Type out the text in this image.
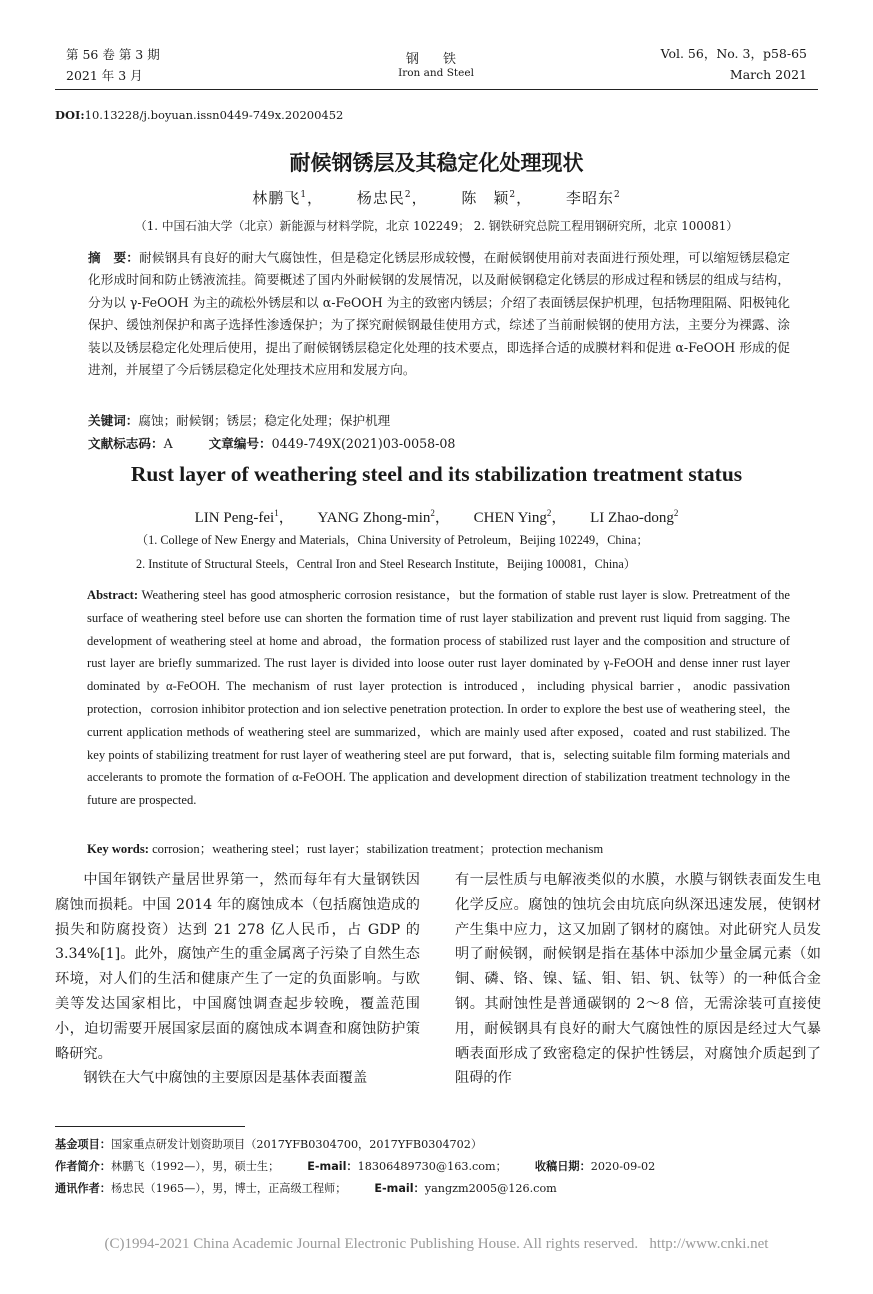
第 56 卷 第 3 期
2021 年 3 月
钢 铁
Iron and Steel
Vol. 56，No. 3，p58-65
March 2021
DOI:10.13228/j.boyuan.issn0449-749x.20200452
耐候钢锈层及其稳定化处理现状
林鹏飞$^1$， 杨忠民$^2$， 陈　颖$^2$， 李昭东$^2$
（1. 中国石油大学（北京）新能源与材料学院，北京 102249； 2. 钢铁研究总院工程用钢研究所，北京 100081）
摘　要：耐候钢具有良好的耐大气腐蚀性，但是稳定化锈层形成较慢，在耐候钢使用前对表面进行预处理，可以缩短锈层稳定化形成时间和防止锈液流挂。简要概述了国内外耐候钢的发展情况，以及耐候钢稳定化锈层的形成过程和锈层的组成与结构，分为以 γ-FeOOH 为主的疏松外锈层和以 α-FeOOH 为主的致密内锈层；介绍了表面锈层保护机理，包括物理阻隔、阳极钝化保护、缓蚀剂保护和离子选择性渗透保护；为了探究耐候钢最佳使用方式，综述了当前耐候钢的使用方法，主要分为裸露、涂装以及锈层稳定化处理后使用，提出了耐候钢锈层稳定化处理的技术要点，即选择合适的成膜材料和促进 α-FeOOH 形成的促进剂，并展望了今后锈层稳定化处理技术应用和发展方向。
关键词：腐蚀；耐候钢；锈层；稳定化处理；保护机理
文献标志码：A	文章编号：0449-749X(2021)03-0058-08
Rust layer of weathering steel and its stabilization treatment status
LIN Peng-fei$^1$， YANG Zhong-$\min^2$， CHEN Ying$^2$， LI Zhao-dong$^2$
（1. College of New Energy and Materials，China University of Petroleum，Beijing 102249，China；
2. Institute of Structural Steels，Central Iron and Steel Research Institute，Beijing 100081，China）
Abstract: Weathering steel has good atmospheric corrosion resistance，but the formation of stable rust layer is slow. Pretreatment of the surface of weathering steel before use can shorten the formation time of rust layer stabilization and prevent rust liquid from sagging. The development of weathering steel at home and abroad，the formation process of stabilized rust layer and the composition and structure of rust layer are briefly summarized. The rust layer is divided into loose outer rust layer dominated by γ-FeOOH and dense inner rust layer dominated by α-FeOOH. The mechanism of rust layer protection is introduced，including physical barrier，anodic passivation protection，corrosion inhibitor protection and ion selective penetration protection. In order to explore the best use of weathering steel，the current application methods of weathering steel are summarized，which are mainly used after exposed，coated and rust stabilized. The key points of stabilizing treatment for rust layer of weathering steel are put forward，that is，selecting suitable film forming materials and accelerants to promote the formation of α-FeOOH. The application and development direction of stabilization treatment technology in the future are prospected.
Key words: corrosion；weathering steel；rust layer；stabilization treatment；protection mechanism

中国年钢铁产量居世界第一，然而每年有大量钢铁因腐蚀而损耗。中国 2014 年的腐蚀成本（包括腐蚀造成的损失和防腐投资）达到 21 278 亿人民币，占 GDP 的 3.34%[1]。此外，腐蚀产生的重金属离子污染了自然生态环境，对人们的生活和健康产生了一定的负面影响。与欧美等发达国家相比，中国腐蚀调查起步较晚，覆盖范围小，迫切需要开展国家层面的腐蚀成本调查和腐蚀防护策略研究。

钢铁在大气中腐蚀的主要原因是基体表面覆盖

有一层性质与电解液类似的水膜，水膜与钢铁表面发生电化学反应。腐蚀的蚀坑会由坑底向纵深迅速发展，使钢材产生集中应力，这又加剧了钢材的腐蚀。对此研究人员发明了耐候钢，耐候钢是指在基体中添加少量金属元素（如铜、磷、铬、镍、锰、钼、铝、钒、钛等）的一种低合金钢。其耐蚀性是普通碳钢的 2～8 倍，无需涂装可直接使用，耐候钢具有良好的耐大气腐蚀性的原因是经过大气暴晒表面形成了致密稳定的保护性锈层，对腐蚀介质起到了阻碍的作
基金项目：国家重点研发计划资助项目（2017YFB0304700，2017YFB0304702）
作者简介：林鹏飞（1992—），男，硕士生；	E-mail：18306489730@163.com；	收稿日期：2020-09-02
通讯作者：杨忠民（1965—），男，博士，正高级工程师；	E-mail：yangzm2005@126.com
(C)1994-2021 China Academic Journal Electronic Publishing House. All rights reserved.   http://www.cnki.net
